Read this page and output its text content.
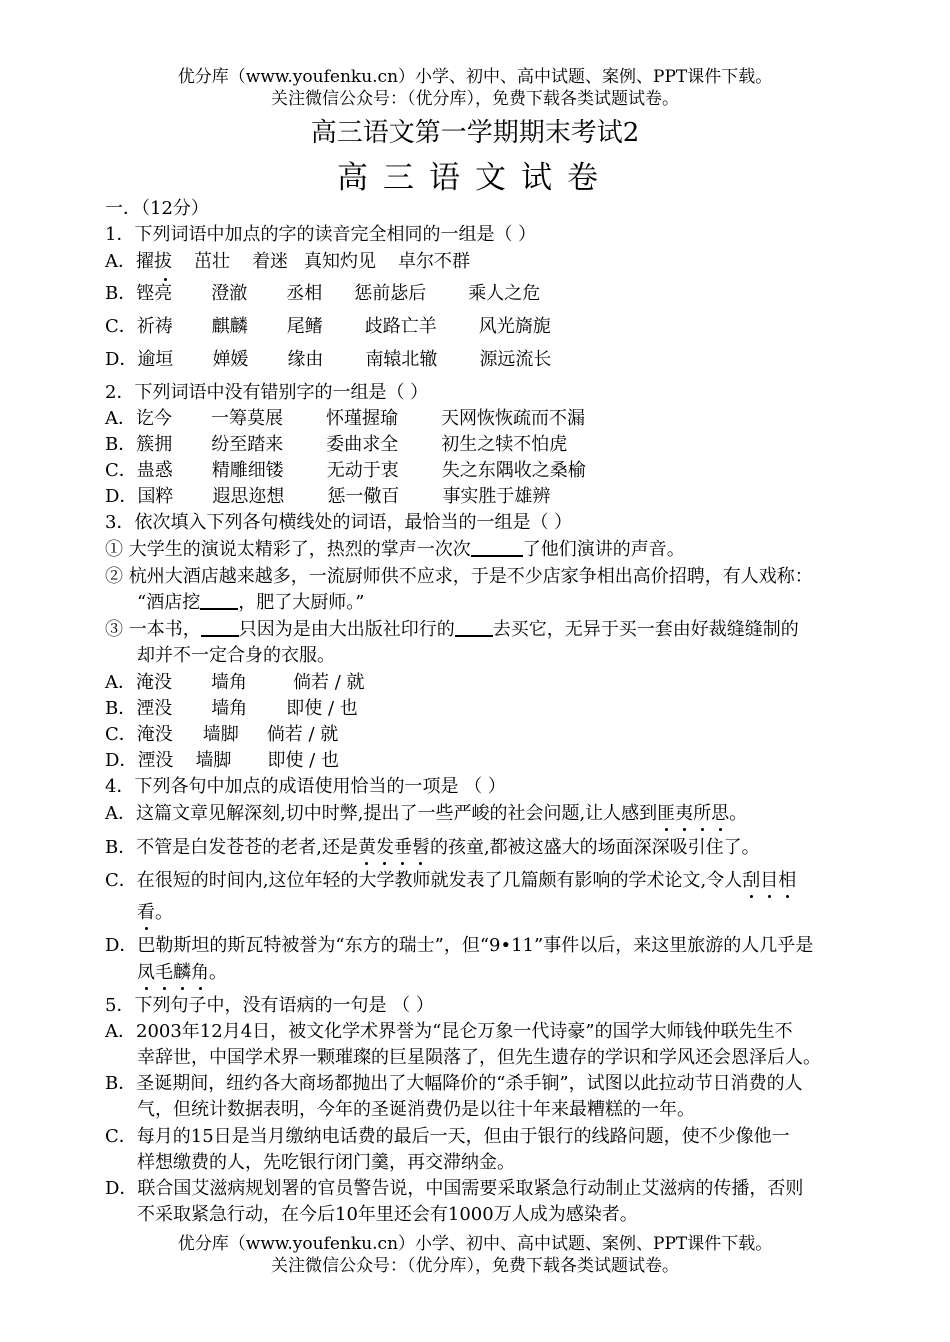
优分库（www.youfenku.cn）小学、初中、高中试题、案例、PPT课件下载。
关注微信公众号：（优分库），免费下载各类试题试卷。
高三语文第一学期期末考试2
高三语文试卷
一．（12分）
1．下列词语中加点的字的读音完全相同的一组是（ ）
A．擢拔 茁壮 着迷 真知灼见 卓尔不群
B．铿亮 澄澈 丞相 惩前毖后 乘人之危
C．祈祷 麒麟 尾鳍 歧路亡羊 风光旖旎
D．逾垣 婵媛 缘由 南辕北辙 源远流长
2．下列词语中没有错别字的一组是（ ）
A．讫今 一筹莫展 怀瑾握瑜 天网恢恢疏而不漏
B．簇拥 纷至踏来 委曲求全 初生之犊不怕虎
C．蛊惑 精雕细镂 无动于衷 失之东隅收之桑榆
D．国粹 遐思迩想 惩一儆百 事实胜于雄辨
3．依次填入下列各句横线处的词语，最恰当的一组是（ ）
① 大学生的演说太精彩了，热烈的掌声一次次	了他们演讲的声音。
② 杭州大酒店越来越多，一流厨师供不应求，于是不少店家争相出高价招聘，有人戏称：
“酒店挖 ，肥了大厨师。”
③ 一本书， 只因为是由大出版社印行的 去买它，无异于买一套由好裁缝缝制的
却并不一定合身的衣服。
A．淹没 墙角	倘若 / 就
B．湮没 墙角 即使 / 也
C．淹没 墙脚 倘若 / 就
D．湮没 墙脚 即使 / 也
4．下列各句中加点的成语使用恰当的一项是 （ ）
A．这篇文章见解深刻,切中时弊,提出了一些严峻的社会问题,让人感到匪夷所思。
B．不管是白发苍苍的老者,还是黄发垂髫的孩童,都被这盛大的场面深深吸引住了。
C．在很短的时间内,这位年轻的大学教师就发表了几篇颇有影响的学术论文,令人刮目相
看。
D．巴勒斯坦的斯瓦特被誉为“东方的瑞士”，但“9•11”事件以后，来这里旅游的人几乎是
凤毛麟角。
5．下列句子中，没有语病的一句是 （ ）
A．2003年12月4日，被文化学术界誉为“昆仑万象一代诗豪”的国学大师钱仲联先生不
幸辞世，中国学术界一颗璀璨的巨星陨落了，但先生遗存的学识和学风还会恩泽后人。
B．圣诞期间，纽约各大商场都抛出了大幅降价的“杀手锏”，试图以此拉动节日消费的人
气，但统计数据表明，今年的圣诞消费仍是以往十年来最糟糕的一年。
C．每月的15日是当月缴纳电话费的最后一天，但由于银行的线路问题，使不少像他一
样想缴费的人，先吃银行闭门羹，再交滞纳金。
D．联合国艾滋病规划署的官员警告说，中国需要采取紧急行动制止艾滋病的传播，否则
不采取紧急行动，在今后10年里还会有1000万人成为感染者。
优分库（www.youfenku.cn）小学、初中、高中试题、案例、PPT课件下载。
关注微信公众号：（优分库），免费下载各类试题试卷。
